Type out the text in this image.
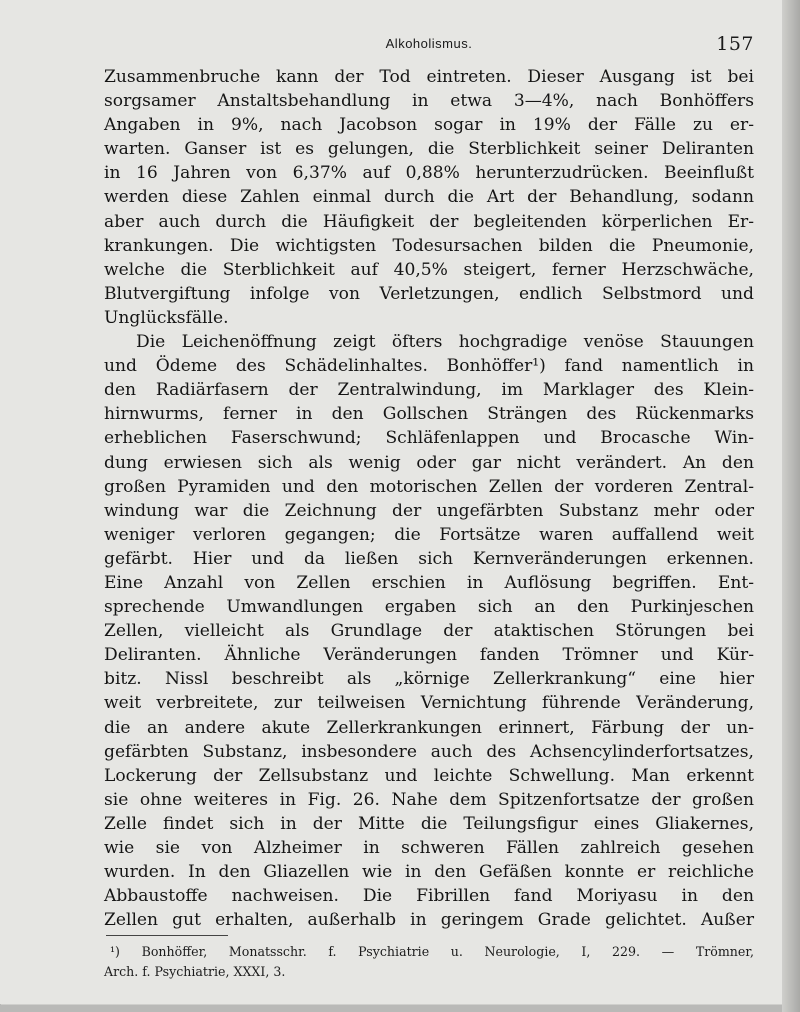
Alkoholismus.	157
Zusammenbruche kann der Tod eintreten. Dieser Ausgang ist bei
sorgsamer Anstaltsbehandlung in etwa 3—4%, nach Bonhöffers
Angaben in 9%, nach Jacobson sogar in 19% der Fälle zu er-
warten. Ganser ist es gelungen, die Sterblichkeit seiner Deliranten
in 16 Jahren von 6,37% auf 0,88% herunterzudrücken. Beeinflußt
werden diese Zahlen einmal durch die Art der Behandlung, sodann
aber auch durch die Häufigkeit der begleitenden körperlichen Er-
krankungen. Die wichtigsten Todesursachen bilden die Pneumonie,
welche die Sterblichkeit auf 40,5% steigert, ferner Herzschwäche,
Blutvergiftung infolge von Verletzungen, endlich Selbstmord und
Unglücksfälle.
Die Leichenöffnung zeigt öfters hochgradige venöse Stauungen
und Ödeme des Schädelinhaltes. Bonhöffer¹) fand namentlich in
den Radiärfasern der Zentralwindung, im Marklager des Klein-
hirnwurms, ferner in den Gollschen Strängen des Rückenmarks
erheblichen Faserschwund; Schläfenlappen und Brocasche Win-
dung erwiesen sich als wenig oder gar nicht verändert. An den
großen Pyramiden und den motorischen Zellen der vorderen Zentral-
windung war die Zeichnung der ungefärbten Substanz mehr oder
weniger verloren gegangen; die Fortsätze waren auffallend weit
gefärbt. Hier und da ließen sich Kernveränderungen erkennen.
Eine Anzahl von Zellen erschien in Auflösung begriffen. Ent-
sprechende Umwandlungen ergaben sich an den Purkinjeschen
Zellen, vielleicht als Grundlage der ataktischen Störungen bei
Deliranten. Ähnliche Veränderungen fanden Trömner und Kür-
bitz. Nissl beschreibt als „körnige Zellerkrankung“ eine hier
weit verbreitete, zur teilweisen Vernichtung führende Veränderung,
die an andere akute Zellerkrankungen erinnert, Färbung der un-
gefärbten Substanz, insbesondere auch des Achsencylinderfortsatzes,
Lockerung der Zellsubstanz und leichte Schwellung. Man erkennt
sie ohne weiteres in Fig. 26. Nahe dem Spitzenfortsatze der großen
Zelle findet sich in der Mitte die Teilungsfigur eines Gliakernes,
wie sie von Alzheimer in schweren Fällen zahlreich gesehen
wurden. In den Gliazellen wie in den Gefäßen konnte er reichliche
Abbaustoffe nachweisen. Die Fibrillen fand Moriyasu in den
Zellen gut erhalten, außerhalb in geringem Grade gelichtet. Außer
¹) Bonhöffer, Monatsschr. f. Psychiatrie u. Neurologie, I, 229. — Trömner,
Arch. f. Psychiatrie, XXXI, 3.
